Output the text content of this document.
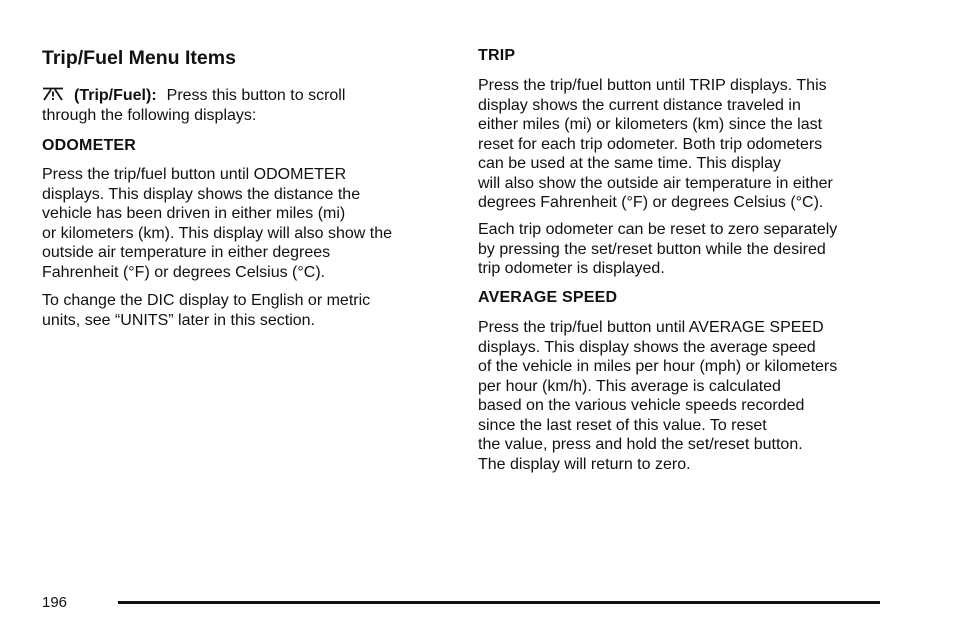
Trip/Fuel Menu Items

(Trip/Fuel): Press this button to scroll
through the following displays:

ODOMETER

Press the trip/fuel button until ODOMETER
displays. This display shows the distance the
vehicle has been driven in either miles (mi)
or kilometers (km). This display will also show the
outside air temperature in either degrees
Fahrenheit (°F) or degrees Celsius (°C).

To change the DIC display to English or metric
units, see “UNITS” later in this section.

TRIP

Press the trip/fuel button until TRIP displays. This
display shows the current distance traveled in
either miles (mi) or kilometers (km) since the last
reset for each trip odometer. Both trip odometers
can be used at the same time. This display
will also show the outside air temperature in either
degrees Fahrenheit (°F) or degrees Celsius (°C).

Each trip odometer can be reset to zero separately
by pressing the set/reset button while the desired
trip odometer is displayed.

AVERAGE SPEED

Press the trip/fuel button until AVERAGE SPEED
displays. This display shows the average speed
of the vehicle in miles per hour (mph) or kilometers
per hour (km/h). This average is calculated
based on the various vehicle speeds recorded
since the last reset of this value. To reset
the value, press and hold the set/reset button.
The display will return to zero.

196
